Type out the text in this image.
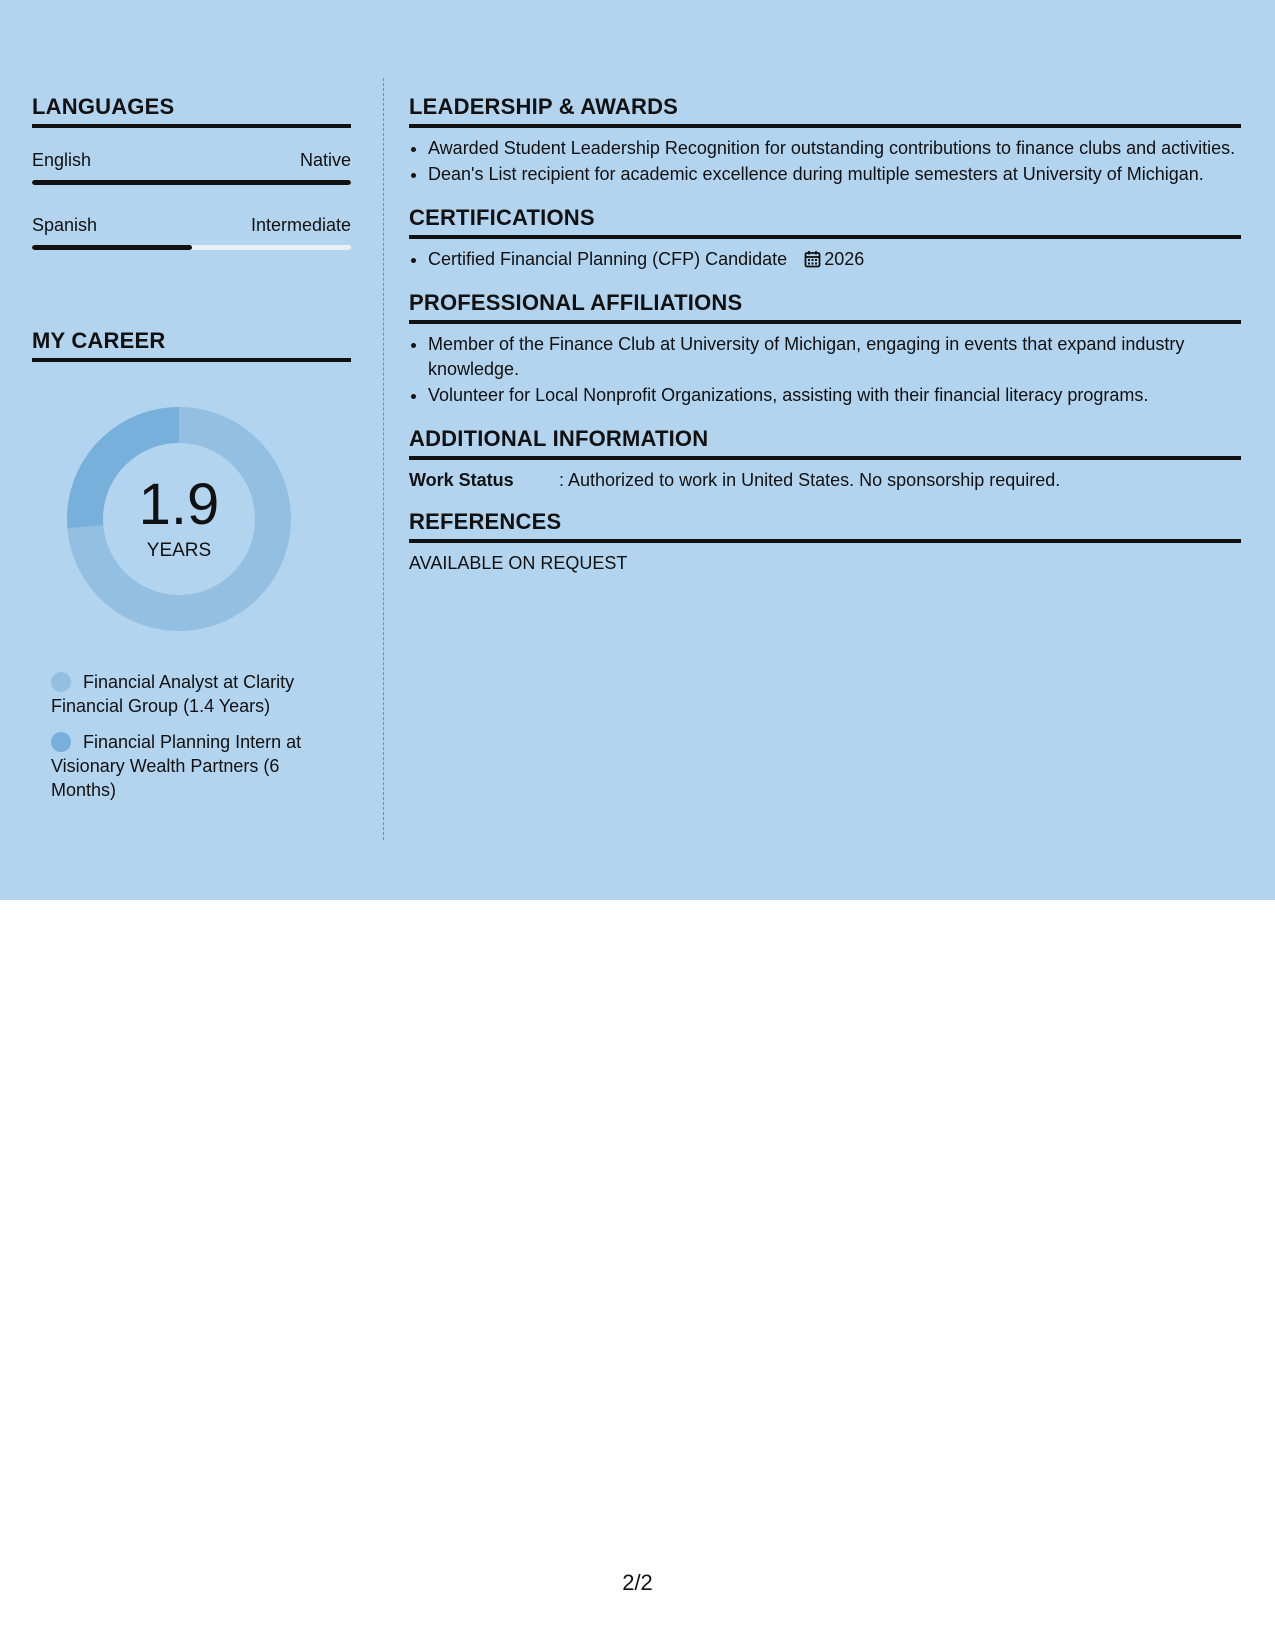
LANGUAGES
English	Native
Spanish	Intermediate
MY CAREER
1.9
YEARS
Financial Analyst at Clarity Financial Group (1.4 Years)
Financial Planning Intern at Visionary Wealth Partners (6 Months)
LEADERSHIP & AWARDS
• Awarded Student Leadership Recognition for outstanding contributions to finance clubs and activities.
• Dean's List recipient for academic excellence during multiple semesters at University of Michigan.
CERTIFICATIONS
• Certified Financial Planning (CFP) Candidate 2026
PROFESSIONAL AFFILIATIONS
• Member of the Finance Club at University of Michigan, engaging in events that expand industry knowledge.
• Volunteer for Local Nonprofit Organizations, assisting with their financial literacy programs.
ADDITIONAL INFORMATION
Work Status	: Authorized to work in United States. No sponsorship required.
REFERENCES
AVAILABLE ON REQUEST
2/2
